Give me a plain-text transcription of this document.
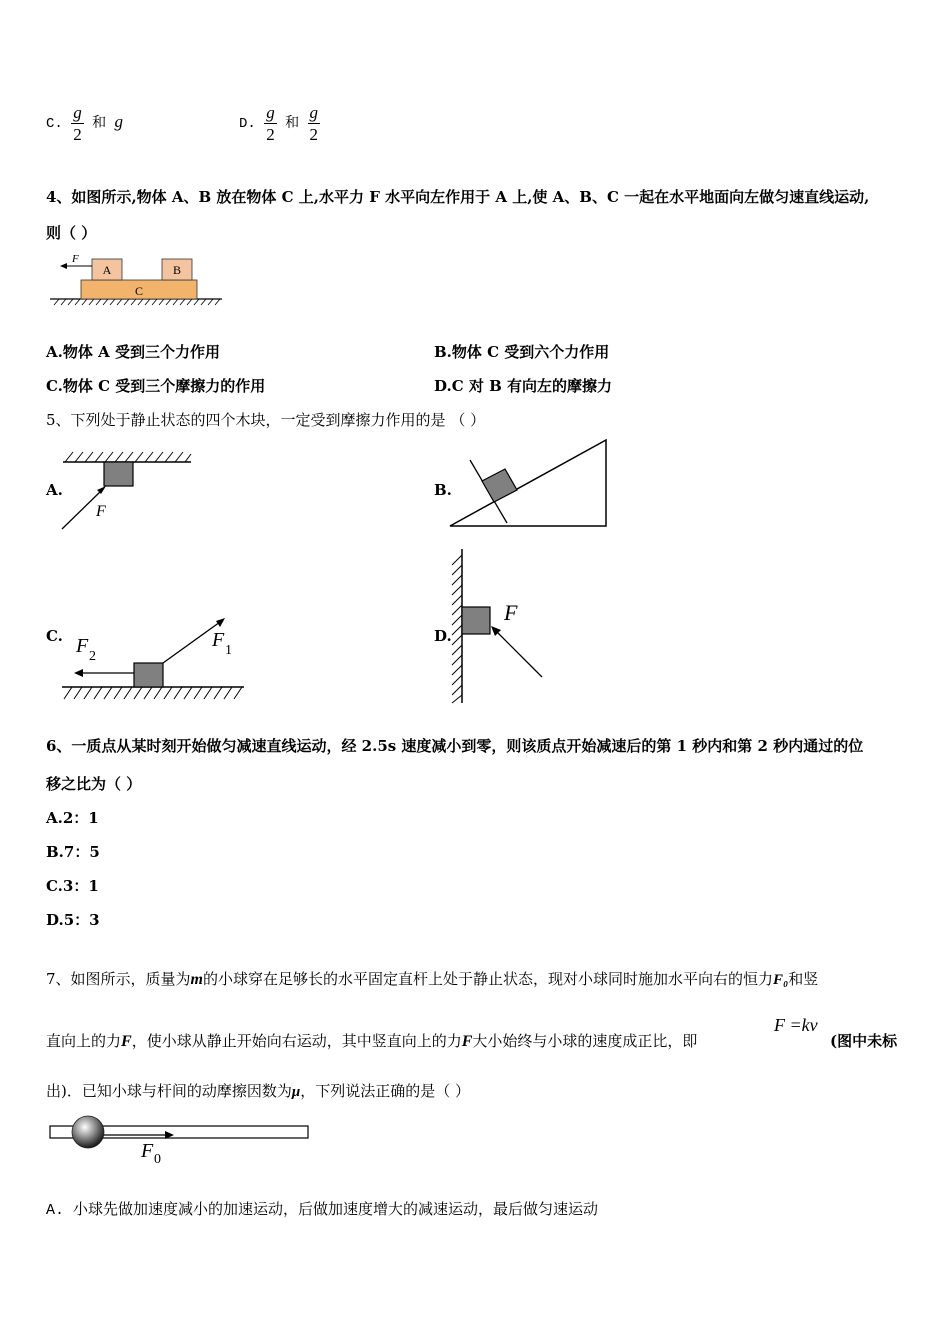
C. $\frac{g}{2}$ 和 g	D. $\frac{g}{2}$ 和 $\frac{g}{2}$
4、如图所示,物体 A、B 放在物体 C 上,水平力 F 水平向左作用于 A 上,使 A、B、C 一起在水平地面向左做匀速直线运动,
则（ ）
C
A	B
F
A.物体 A 受到三个力作用	B.物体 C 受到六个力作用
C.物体 C 受到三个摩擦力的作用	D.C 对 B 有向左的摩擦力
5、下列处于静止状态的四个木块，一定受到摩擦力作用的是 （ ）
A.
F
B.
C. F 2
F 1
D.
F
6、一质点从某时刻开始做匀减速直线运动，经 2.5s 速度减小到零，则该质点开始减速后的第 1 秒内和第 2 秒内通过的位
移之比为（ ）
A.2：1
B.7：5
C.3：1
D.5：3
7、如图所示，质量为m的小球穿在足够长的水平固定直杆上处于静止状态，现对小球同时施加水平向右的恒力F₀和竖
直向上的力F，使小球从静止开始向右运动，其中竖直向上的力F大小始终与小球的速度成正比，即
F =kv
(图中未标
出)．已知小球与杆间的动摩擦因数为μ，下列说法正确的是（ ）
F 0
A. 小球先做加速度减小的加速运动，后做加速度增大的减速运动，最后做匀速运动
